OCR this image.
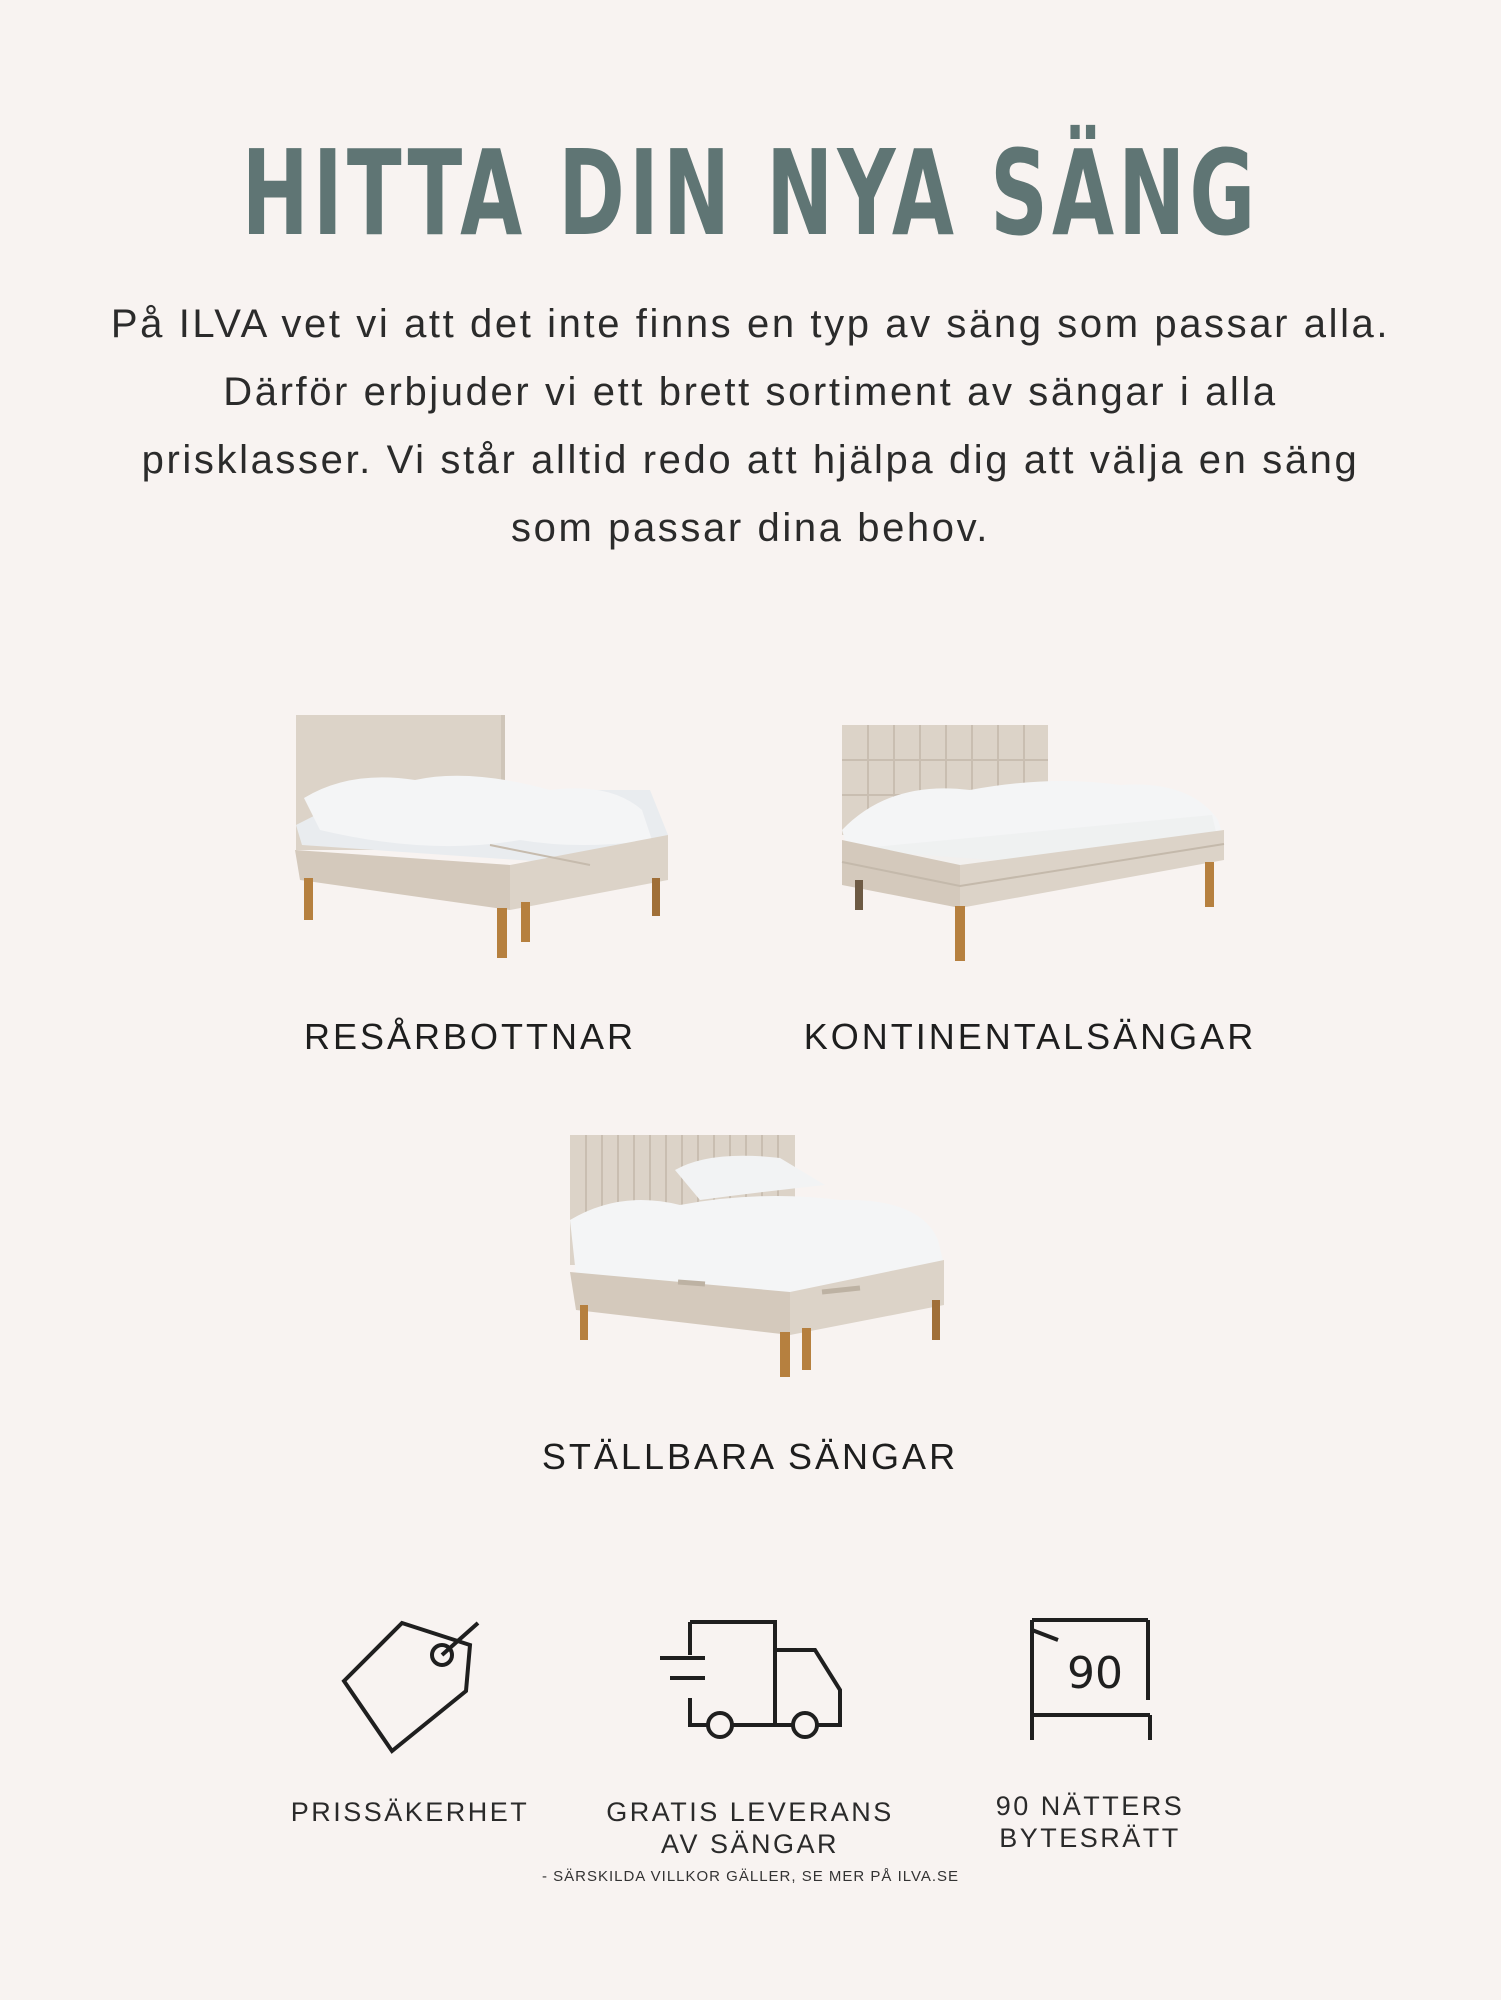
HITTA DIN NYA SÄNG
På ILVA vet vi att det inte finns en typ av säng som passar alla. Därför erbjuder vi ett brett sortiment av sängar i alla prisklasser. Vi står alltid redo att hjälpa dig att välja en säng som passar dina behov.
RESÅRBOTTNAR	KONTINENTALSÄNGAR
STÄLLBARA SÄNGAR
PRISSÄKERHET	GRATIS LEVERANS
AV SÄNGAR
90
90 NÄTTERS
BYTESRÄTT
- SÄRSKILDA VILLKOR GÄLLER, SE MER PÅ ILVA.SE
